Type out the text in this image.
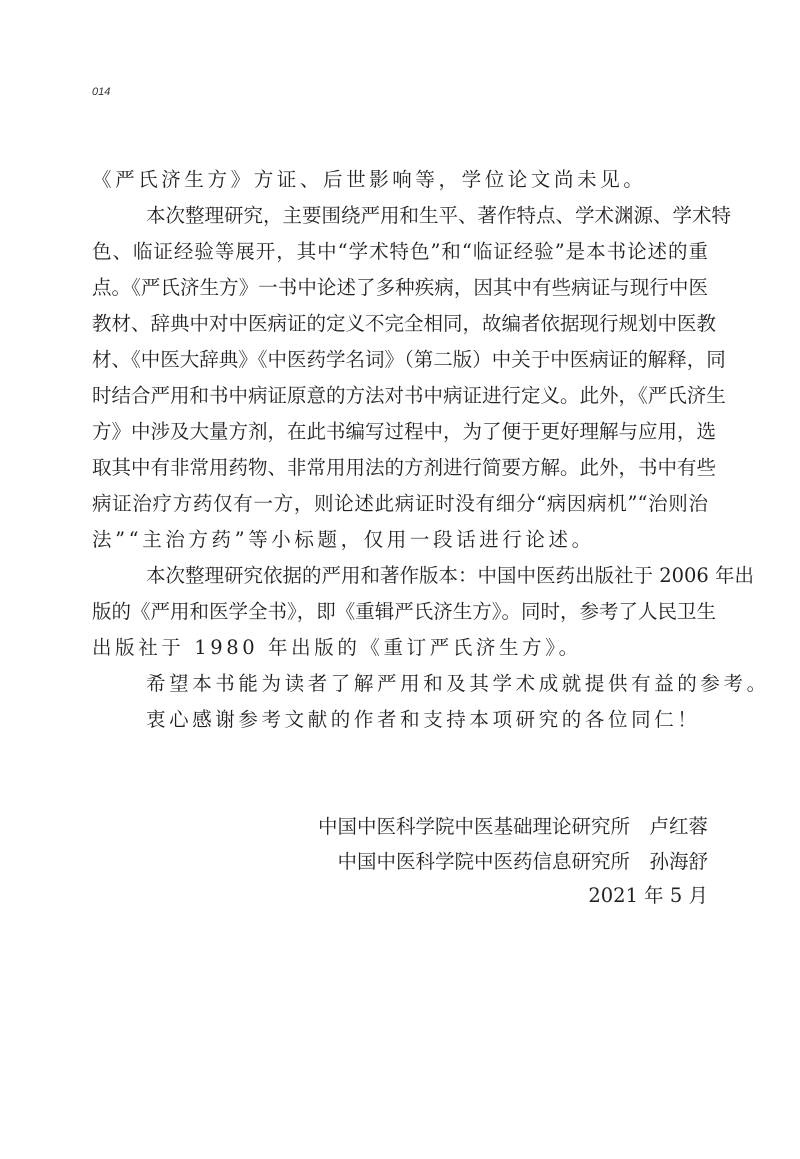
014
《严氏济生方》方证、后世影响等，学位论文尚未见。
本次整理研究，主要围绕严用和生平、著作特点、学术渊源、学术特
色、临证经验等展开，其中“学术特色”和“临证经验”是本书论述的重
点。《严氏济生方》一书中论述了多种疾病，因其中有些病证与现行中医
教材、辞典中对中医病证的定义不完全相同，故编者依据现行规划中医教
材、《中医大辞典》《中医药学名词》（第二版）中关于中医病证的解释，同
时结合严用和书中病证原意的方法对书中病证进行定义。此外，《严氏济生
方》中涉及大量方剂，在此书编写过程中，为了便于更好理解与应用，选
取其中有非常用药物、非常用用法的方剂进行简要方解。此外，书中有些
病证治疗方药仅有一方，则论述此病证时没有细分“病因病机”“治则治
法”“主治方药”等小标题，仅用一段话进行论述。
本次整理研究依据的严用和著作版本：中国中医药出版社于 2006 年出
版的《严用和医学全书》，即《重辑严氏济生方》。同时，参考了人民卫生
出版社于 1980 年出版的《重订严氏济生方》。
希望本书能为读者了解严用和及其学术成就提供有益的参考。
衷心感谢参考文献的作者和支持本项研究的各位同仁！
中国中医科学院中医基础理论研究所　卢红蓉
中国中医科学院中医药信息研究所　孙海舒
2021 年 5 月
